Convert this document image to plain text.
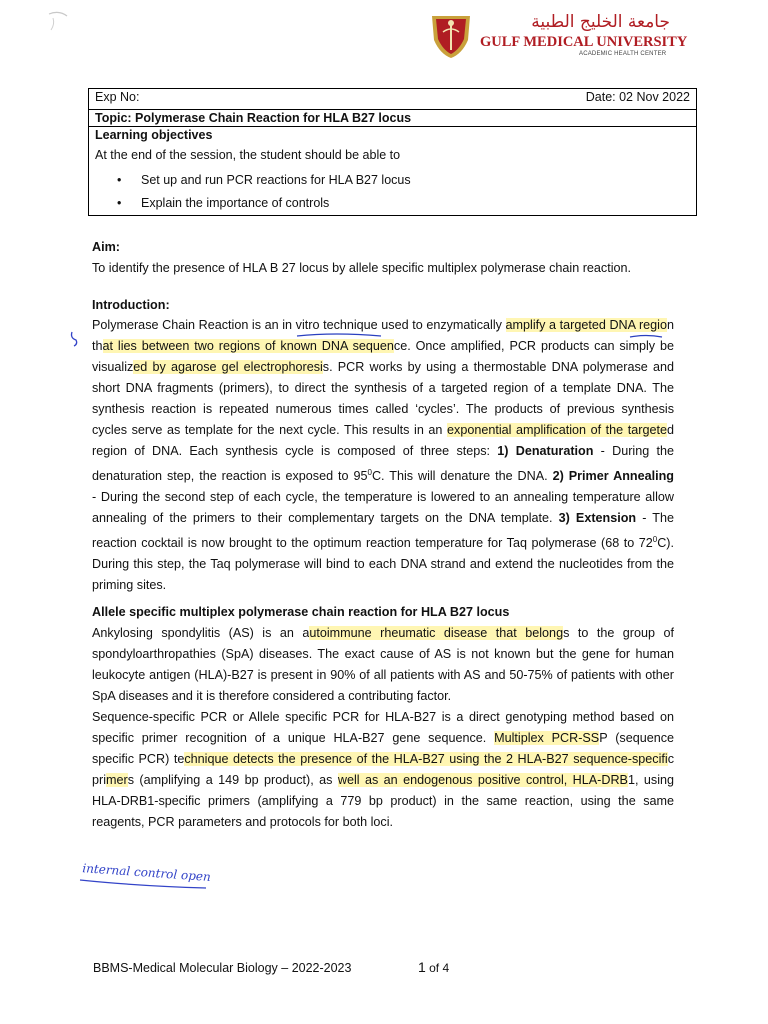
جامعة الخليج الطبية
GULF MEDICAL UNIVERSITY
ACADEMIC HEALTH CENTER
Exp No:	Date: 02 Nov 2022

Topic: Polymerase Chain Reaction for HLA B27 locus

Learning objectives
At the end of the session, the student should be able to
• Set up and run PCR reactions for HLA B27 locus
• Explain the importance of controls
Aim:
To identify the presence of HLA B 27 locus by allele specific multiplex polymerase chain reaction.
Introduction:
Polymerase Chain Reaction is an in vitro technique used to enzymatically amplify a targeted DNA region
that lies between two regions of known DNA sequence. Once amplified, PCR products can simply be
visualized by agarose gel electrophoresis. PCR works by using a thermostable DNA polymerase and
short DNA fragments (primers), to direct the synthesis of a targeted region of a template DNA. The
synthesis reaction is repeated numerous times called ‘cycles’. The products of previous synthesis
cycles serve as template for the next cycle. This results in an exponential amplification of the targeted
region of DNA. Each synthesis cycle is composed of three steps: 1) Denaturation - During the
denaturation step, the reaction is exposed to $95^0C$. This will denature the DNA. 2) Primer Annealing
- During the second step of each cycle, the temperature is lowered to an annealing temperature allow
annealing of the primers to their complementary targets on the DNA template. 3) Extension - The
reaction cocktail is now brought to the optimum reaction temperature for Taq polymerase (68 to $72^0C$).
During this step, the Taq polymerase will bind to each DNA strand and extend the nucleotides from the
priming sites.
Allele specific multiplex polymerase chain reaction for HLA B27 locus
Ankylosing spondylitis (AS) is an autoimmune rheumatic disease that belongs to the group of
spondyloarthropathies (SpA) diseases. The exact cause of AS is not known but the gene for human
leukocyte antigen (HLA)-B27 is present in 90% of all patients with AS and 50-75% of patients with other
SpA diseases and it is therefore considered a contributing factor.
Sequence-specific PCR or Allele specific PCR for HLA-B27 is a direct genotyping method based on
specific primer recognition of a unique HLA-B27 gene sequence. Multiplex PCR-SSP (sequence
specific PCR) technique detects the presence of the HLA-B27 using the 2 HLA-B27 sequence-specific
primers (amplifying a 149 bp product), as well as an endogenous positive control, HLA-DRB1, using
HLA-DRB1-specific primers (amplifying a 779 bp product) in the same reaction, using the same
reagents, PCR parameters and protocols for both loci.
internal control open
BBMS-Medical Molecular Biology – 2022-2023	1 of 4
